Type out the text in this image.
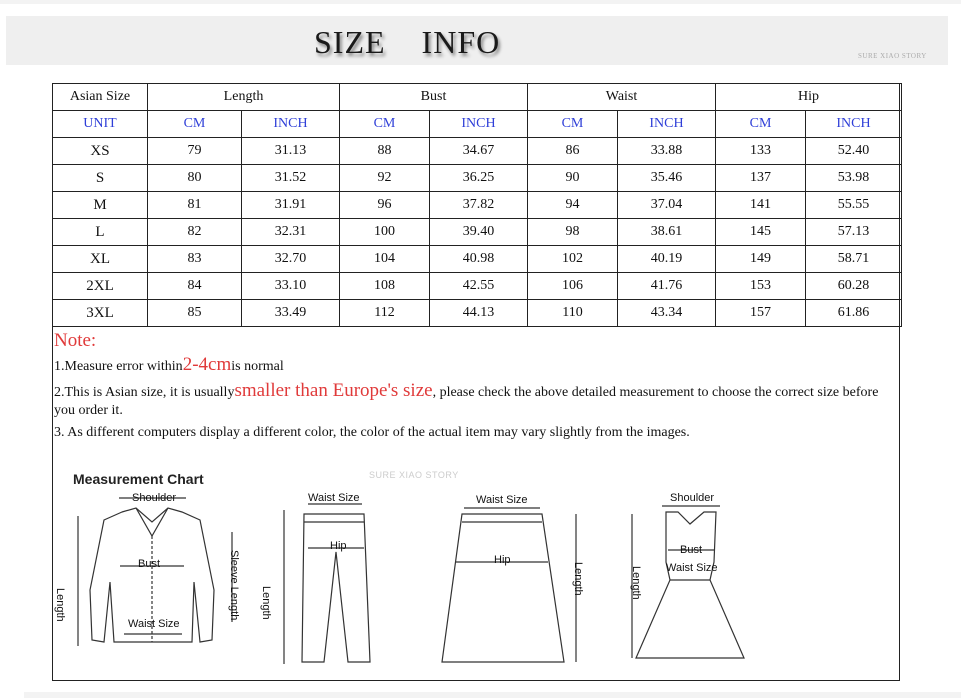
SIZE    INFO	SURE XIAO STORY
Asian Size	Length		Bust		Waist		Hip	
UNIT	CM	INCH	CM	INCH	CM	INCH	CM	INCH
XS	79	31.13	88	34.67	86	33.88	133	52.40
S	80	31.52	92	36.25	90	35.46	137	53.98
M	81	31.91	96	37.82	94	37.04	141	55.55
L	82	32.31	100	39.40	98	38.61	145	57.13
XL	83	32.70	104	40.98	102	40.19	149	58.71
2XL	84	33.10	108	42.55	106	41.76	153	60.28
3XL	85	33.49	112	44.13	110	43.34	157	61.86
Note:
1.Measure error within2-4cmis normal
2.This is Asian size, it is usuallysmaller than Europe's size, please check the above detailed measurement to choose the correct size before you order it.
3. As different computers display a different color, the color of the actual item may vary slightly from the images.
Measurement Chart	SURE XIAO STORY
Shoulder
Bust
Waist Size
Length	Sleeve Length
Waist Size
Hip
Length
Waist Size
Hip
Length
Shoulder
Bust
Waist Size
Length
